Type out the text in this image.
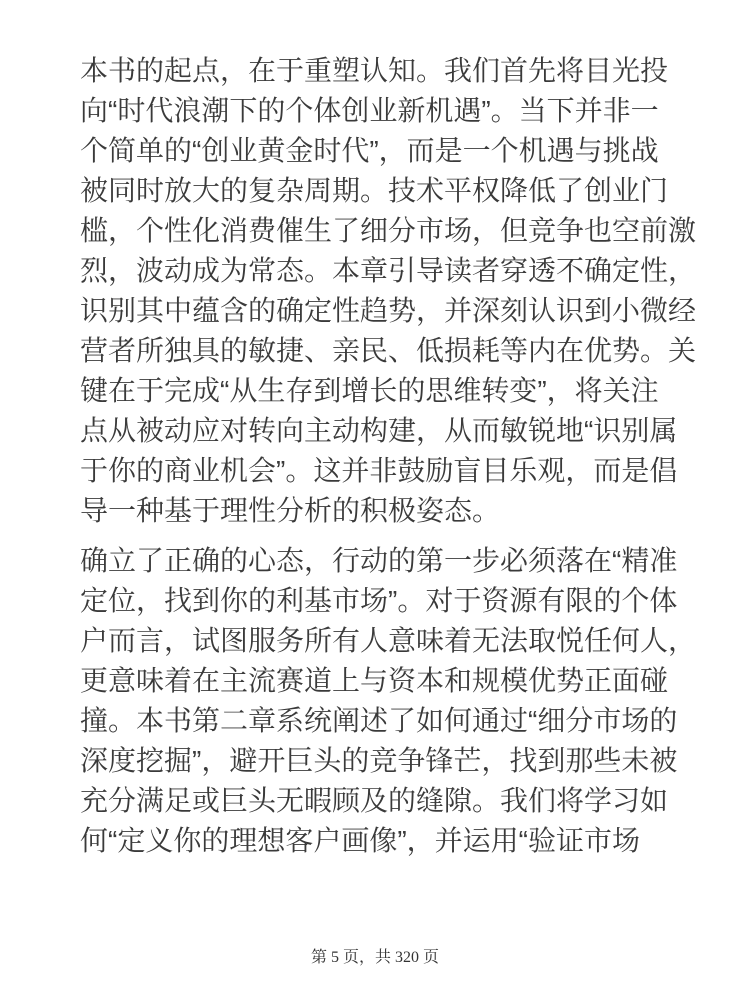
本书的起点，在于重塑认知。我们首先将目光投
向“时代浪潮下的个体创业新机遇”。当下并非一
个简单的“创业黄金时代”，而是一个机遇与挑战
被同时放大的复杂周期。技术平权降低了创业门
槛，个性化消费催生了细分市场，但竞争也空前激
烈，波动成为常态。本章引导读者穿透不确定性，
识别其中蕴含的确定性趋势，并深刻认识到小微经
营者所独具的敏捷、亲民、低损耗等内在优势。关
键在于完成“从生存到增长的思维转变”，将关注
点从被动应对转向主动构建，从而敏锐地“识别属
于你的商业机会”。这并非鼓励盲目乐观，而是倡
导一种基于理性分析的积极姿态。
确立了正确的心态，行动的第一步必须落在“精准
定位，找到你的利基市场”。对于资源有限的个体
户而言，试图服务所有人意味着无法取悦任何人，
更意味着在主流赛道上与资本和规模优势正面碰
撞。本书第二章系统阐述了如何通过“细分市场的
深度挖掘”，避开巨头的竞争锋芒，找到那些未被
充分满足或巨头无暇顾及的缝隙。我们将学习如
何“定义你的理想客户画像”，并运用“验证市场
第 5 页，共 320 页
